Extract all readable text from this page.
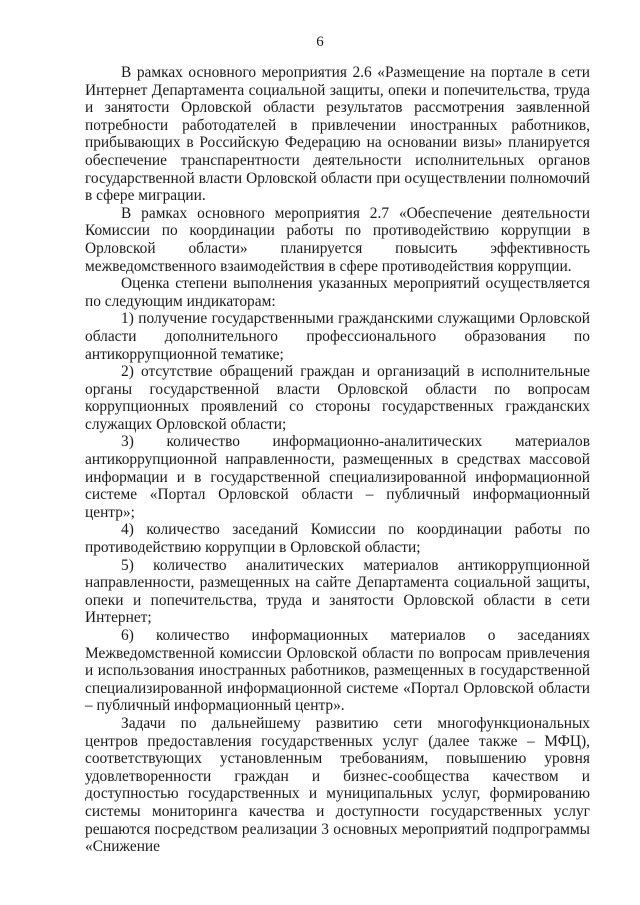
6

В рамках основного мероприятия 2.6 «Размещение на портале в сети Интернет Департамента социальной защиты, опеки и попечительства, труда и занятости Орловской области результатов рассмотрения заявленной потребности работодателей в привлечении иностранных работников, прибывающих в Российскую Федерацию на основании визы» планируется обеспечение транспарентности деятельности исполнительных органов государственной власти Орловской области при осуществлении полномочий в сфере миграции.

В рамках основного мероприятия 2.7 «Обеспечение деятельности Комиссии по координации работы по противодействию коррупции в Орловской области» планируется повысить эффективность межведомственного взаимодействия в сфере противодействия коррупции.

Оценка степени выполнения указанных мероприятий осуществляется по следующим индикаторам:

1) получение государственными гражданскими служащими Орловской области дополнительного профессионального образования по антикоррупционной тематике;

2) отсутствие обращений граждан и организаций в исполнительные органы государственной власти Орловской области по вопросам коррупционных проявлений со стороны государственных гражданских служащих Орловской области;

3) количество информационно-аналитических материалов антикоррупционной направленности, размещенных в средствах массовой информации и в государственной специализированной информационной системе «Портал Орловской области – публичный информационный центр»;

4) количество заседаний Комиссии по координации работы по противодействию коррупции в Орловской области;

5) количество аналитических материалов антикоррупционной направленности, размещенных на сайте Департамента социальной защиты, опеки и попечительства, труда и занятости Орловской области в сети Интернет;

6) количество информационных материалов о заседаниях Межведомственной комиссии Орловской области по вопросам привлечения и использования иностранных работников, размещенных в государственной специализированной информационной системе «Портал Орловской области – публичный информационный центр».

Задачи по дальнейшему развитию сети многофункциональных центров предоставления государственных услуг (далее также – МФЦ), соответствующих установленным требованиям, повышению уровня удовлетворенности граждан и бизнес-сообщества качеством и доступностью государственных и муниципальных услуг, формированию системы мониторинга качества и доступности государственных услуг решаются посредством реализации 3 основных мероприятий подпрограммы «Снижение
